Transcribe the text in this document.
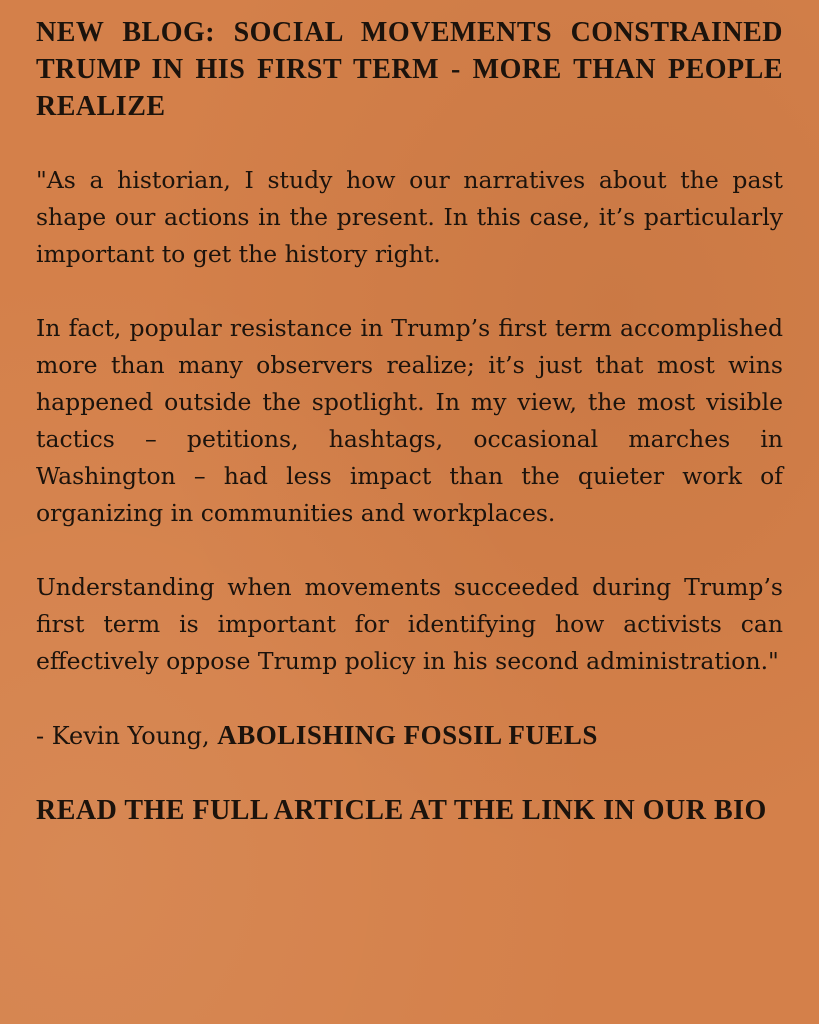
NEW BLOG: SOCIAL MOVEMENTS CONSTRAINED TRUMP IN HIS FIRST TERM - MORE THAN PEOPLE REALIZE

"As a historian, I study how our narratives about the past shape our actions in the present. In this case, it’s particularly important to get the history right.

In fact, popular resistance in Trump’s first term accomplished more than many observers realize; it’s just that most wins happened outside the spotlight. In my view, the most visible tactics – petitions, hashtags, occasional marches in Washington – had less impact than the quieter work of organizing in communities and workplaces.

Understanding when movements succeeded during Trump’s first term is important for identifying how activists can effectively oppose Trump policy in his second administration."

- Kevin Young, ABOLISHING FOSSIL FUELS

READ THE FULL ARTICLE AT THE LINK IN OUR BIO
